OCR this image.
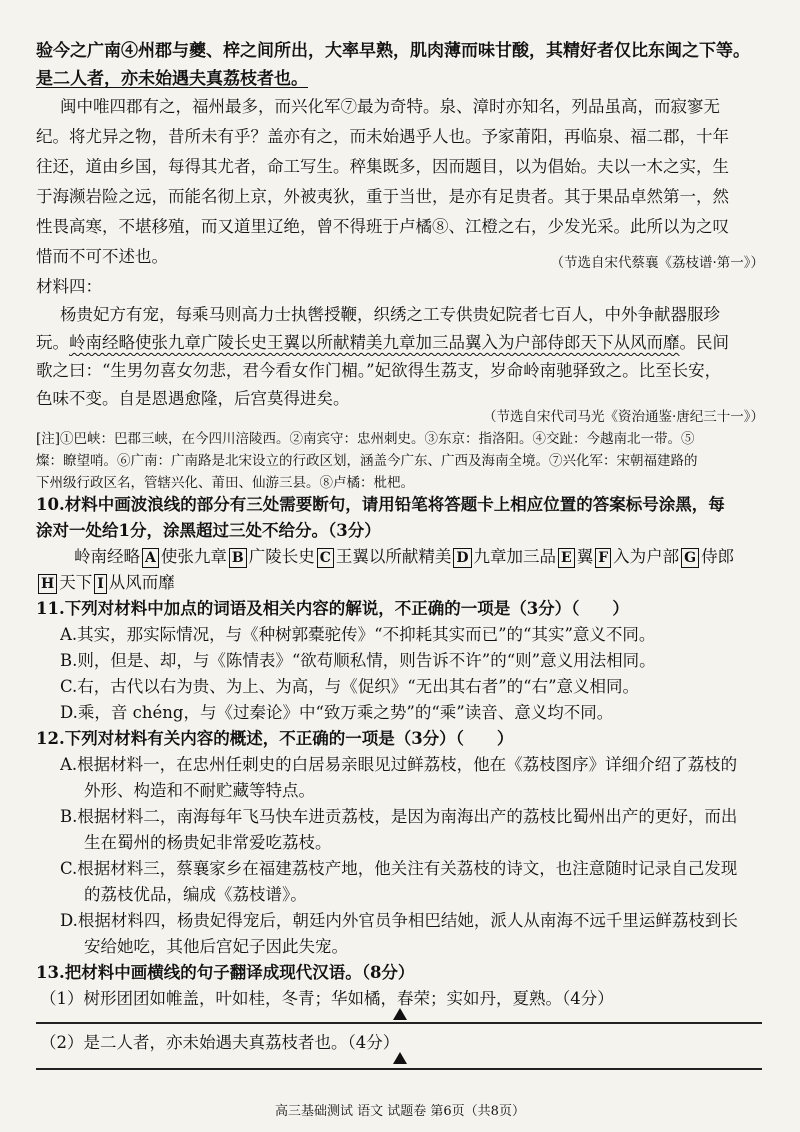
验今之广南④州郡与夔、梓之间所出，大率早熟，肌肉薄而味甘酸，其精好者仅比东闽之下等。
是二人者，亦未始遇夫真荔枝者也。
闽中唯四郡有之，福州最多，而兴化军⑦最为奇特。泉、漳时亦知名，列品虽高，而寂寥无
纪。将尤异之物，昔所未有乎？盖亦有之，而未始遇乎人也。予家莆阳，再临泉、福二郡，十年
往还，道由乡国，每得其尤者，命工写生。稡集既多，因而题目，以为倡始。夫以一木之实，生
于海濒岩险之远，而能名彻上京，外被夷狄，重于当世，是亦有足贵者。其于果品卓然第一，然
性畏高寒，不堪移殖，而又道里辽绝，曾不得班于卢橘⑧、江橙之右，少发光采。此所以为之叹
惜而不可不述也。	（节选自宋代蔡襄《荔枝谱·第一》）
材料四：
杨贵妃方有宠，每乘马则高力士执辔授鞭，织绣之工专供贵妃院者七百人，中外争献器服珍
玩。岭南经略使张九章广陵长史王翼以所献精美九章加三品翼入为户部侍郎天下从风而靡。民间
歌之曰：“生男勿喜女勿悲，君今看女作门楣。”妃欲得生荔支，岁命岭南驰驿致之。比至长安，
色味不变。自是恩遇愈隆，后宫莫得进矣。
（节选自宋代司马光《资治通鉴·唐纪三十一》）
[注]①巴峡：巴郡三峡，在今四川涪陵西。②南宾守：忠州刺史。③东京：指洛阳。④交趾：今越南北一带。⑤
燦：瞭望哨。⑥广南：广南路是北宋设立的行政区划，涵盖今广东、广西及海南全境。⑦兴化军：宋朝福建路的
下州级行政区名，管辖兴化、莆田、仙游三县。⑧卢橘：枇杷。
10.材料中画波浪线的部分有三处需要断句，请用铅笔将答题卡上相应位置的答案标号涂黑，每
涂对一处给1分，涂黑超过三处不给分。（3分）
岭南经略 A 使张九章 B 广陵长史 C 王翼以所献精美 D 九章加三品 E 翼 F 入为户部 G 侍郎
H 天下 I 从风而靡
11.下列对材料中加点的词语及相关内容的解说，不正确的一项是（3分）（　　）
A.其实，那实际情况，与《种树郭橐驼传》“不抑耗其实而已”的“其实”意义不同。
B.则，但是、却，与《陈情表》“欲苟顺私情，则告诉不许”的“则”意义用法相同。
C.右，古代以右为贵、为上、为高，与《促织》“无出其右者”的“右”意义相同。
D.乘，音 chéng，与《过秦论》中“致万乘之势”的“乘”读音、意义均不同。
12.下列对材料有关内容的概述，不正确的一项是（3分）（　　）
A.根据材料一，在忠州任刺史的白居易亲眼见过鲜荔枝，他在《荔枝图序》详细介绍了荔枝的
外形、构造和不耐贮藏等特点。
B.根据材料二，南海每年飞马快车进贡荔枝，是因为南海出产的荔枝比蜀州出产的更好，而出
生在蜀州的杨贵妃非常爱吃荔枝。
C.根据材料三，蔡襄家乡在福建荔枝产地，他关注有关荔枝的诗文，也注意随时记录自己发现
的荔枝优品，编成《荔枝谱》。
D.根据材料四，杨贵妃得宠后，朝廷内外官员争相巴结她，派人从南海不远千里运鲜荔枝到长
安给她吃，其他后宫妃子因此失宠。
13.把材料中画横线的句子翻译成现代汉语。（8分）
（1）树形团团如帷盖，叶如桂，冬青；华如橘，春荣；实如丹，夏熟。（4分）
（2）是二人者，亦未始遇夫真荔枝者也。（4分）
高三基础测试 语文 试题卷 第6页（共8页）
